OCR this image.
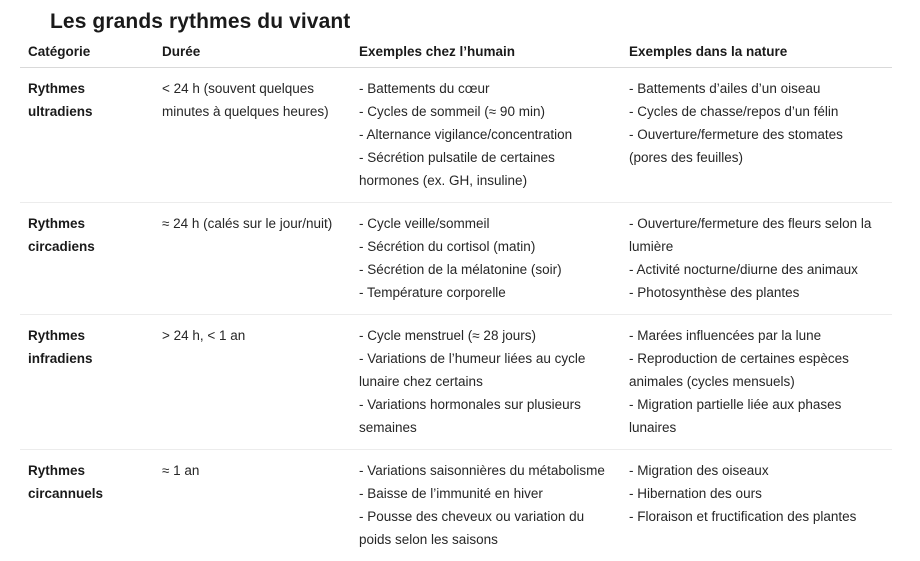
Les grands rythmes du vivant
Catégorie	Durée	Exemples chez l’humain	Exemples dans la nature
Rythmes ultradiens	< 24 h (souvent quelques minutes à quelques heures)	- Battements du cœur
- Cycles de sommeil (≈ 90 min)
- Alternance vigilance/concentration
- Sécrétion pulsatile de certaines hormones (ex. GH, insuline)	- Battements d’ailes d’un oiseau
- Cycles de chasse/repos d’un félin
- Ouverture/fermeture des stomates (pores des feuilles)

Rythmes circadiens	≈ 24 h (calés sur le jour/nuit)	- Cycle veille/sommeil
- Sécrétion du cortisol (matin)
- Sécrétion de la mélatonine (soir)
- Température corporelle	- Ouverture/fermeture des fleurs selon la lumière
- Activité nocturne/diurne des animaux
- Photosynthèse des plantes

Rythmes infradiens	> 24 h, < 1 an	- Cycle menstruel (≈ 28 jours)
- Variations de l’humeur liées au cycle lunaire chez certains
- Variations hormonales sur plusieurs semaines	- Marées influencées par la lune
- Reproduction de certaines espèces animales (cycles mensuels)
- Migration partielle liée aux phases lunaires

Rythmes circannuels	≈ 1 an	- Variations saisonnières du métabolisme
- Baisse de l’immunité en hiver
- Pousse des cheveux ou variation du poids selon les saisons	- Migration des oiseaux
- Hibernation des ours
- Floraison et fructification des plantes
